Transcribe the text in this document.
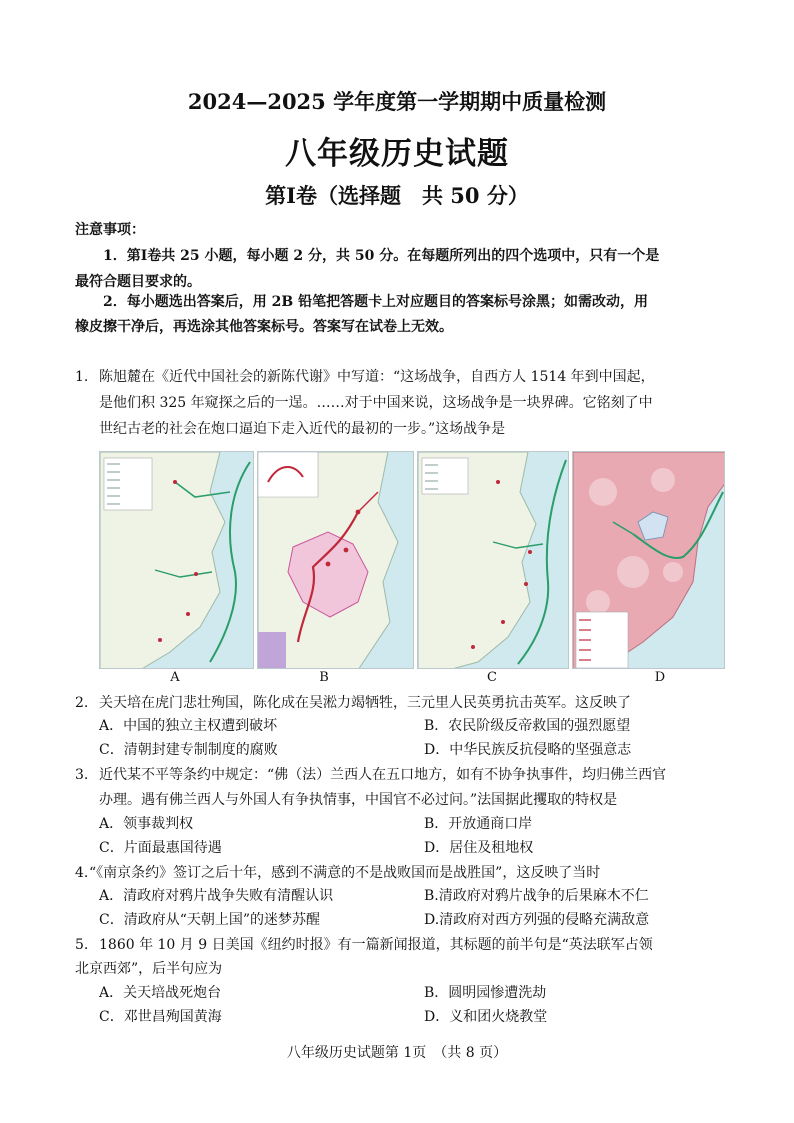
2024—2025 学年度第一学期期中质量检测
八年级历史试题
第Ⅰ卷（选择题　共 50 分）
注意事项：
1．第Ⅰ卷共 25 小题，每小题 2 分，共 50 分。在每题所列出的四个选项中，只有一个是
最符合题目要求的。
2．每小题选出答案后，用 2B 铅笔把答题卡上对应题目的答案标号涂黑；如需改动，用
橡皮擦干净后，再选涂其他答案标号。答案写在试卷上无效。
1. 陈旭麓在《近代中国社会的新陈代谢》中写道：“这场战争，自西方人 1514 年到中国起，
是他们积 325 年窥探之后的一逞。……对于中国来说，这场战争是一块界碑。它铭刻了中
世纪古老的社会在炮口逼迫下走入近代的最初的一步。”这场战争是
A	B	C	D
2. 关天培在虎门悲壮殉国，陈化成在吴淞力竭牺牲，三元里人民英勇抗击英军。这反映了
A．中国的独立主权遭到破坏	B．农民阶级反帝救国的强烈愿望
C．清朝封建专制制度的腐败	D．中华民族反抗侵略的坚强意志
3. 近代某不平等条约中规定：“佛（法）兰西人在五口地方，如有不协争执事件，均归佛兰西官
办理。遇有佛兰西人与外国人有争执情事，中国官不必过问。”法国据此攫取的特权是
A．领事裁判权	B．开放通商口岸
C．片面最惠国待遇	D．居住及租地权
4. “《南京条约》签订之后十年，感到不满意的不是战败国而是战胜国”，这反映了当时
A．清政府对鸦片战争失败有清醒认识	B.清政府对鸦片战争的后果麻木不仁
C．清政府从“天朝上国”的迷梦苏醒	D.清政府对西方列强的侵略充满敌意
5. 1860 年 10 月 9 日美国《纽约时报》有一篇新闻报道，其标题的前半句是“英法联军占领
北京西郊”，后半句应为
A．关天培战死炮台	B．圆明园惨遭洗劫
C．邓世昌殉国黄海	D．义和团火烧教堂
八年级历史试题第 1页　（共 8 页）
